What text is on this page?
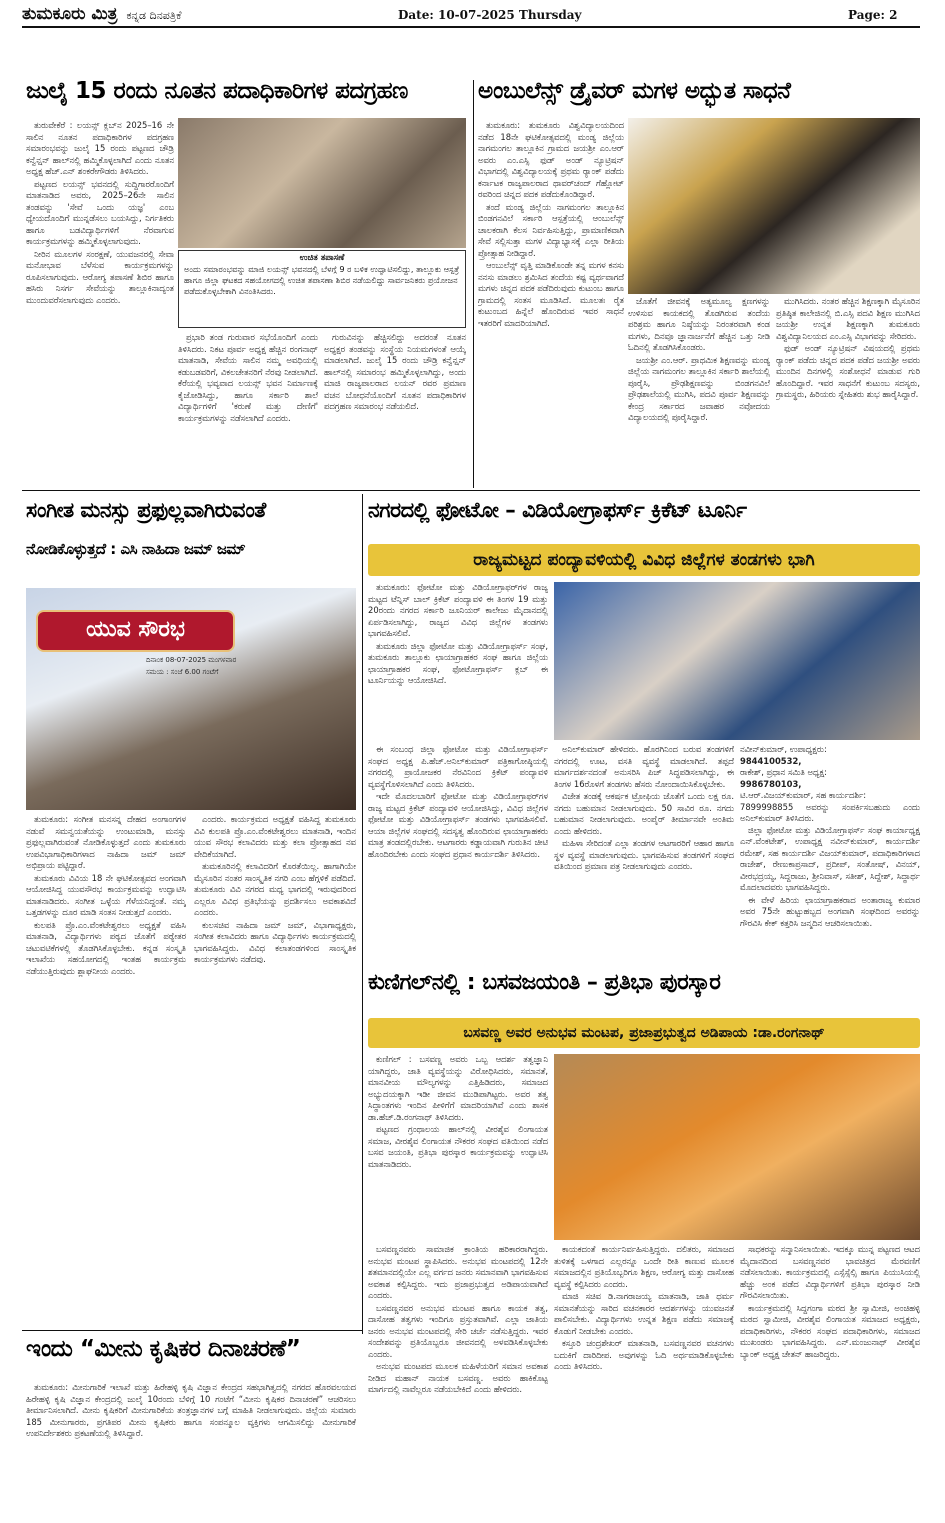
ತುಮಕೂರು ಮಿತ್ರ ಕನ್ನಡ ದಿನಪತ್ರಿಕೆ	Date: 10-07-2025 Thursday	Page: 2
ಜುಲೈ 15 ರಂದು ನೂತನ ಪದಾಧಿಕಾರಿಗಳ ಪದಗ್ರಹಣ

ತುರುವೇಕೆರೆ : ಲಯನ್ಸ್ ಕ್ಲಬ್‌ನ 2025–16 ನೇ ಸಾಲಿನ ನೂತನ ಪದಾಧಿಕಾರಿಗಳ ಪದಗ್ರಹಣ ಸಮಾರಂಭವನ್ನು ಜುಲೈ 15 ರಂದು ಪಟ್ಟಣದ ಚೌಡ್ರಿ ಕನ್ವೆನ್ಷನ್ ಹಾಲ್‌ನಲ್ಲಿ ಹಮ್ಮಿಕೊಳ್ಳಲಾಗಿದೆ ಎಂದು ನೂತನ ಅಧ್ಯಕ್ಷ ಹೆಚ್.ಎನ್ ಶಂಕರೇಗೌಡರು ತಿಳಿಸಿದರು.

ಪಟ್ಟಣದ ಲಯನ್ಸ್ ಭವನದಲ್ಲಿ ಸುದ್ದಿಗಾರರೊಂದಿಗೆ ಮಾತನಾಡಿದ ಅವರು, 2025–26ನೇ ಸಾಲಿನ ತಂಡವನ್ನು 'ಸೇವೆ ಒಂದು ಯಜ್ಞ' ಎಂಬ ಧ್ಯೇಯದೊಂದಿಗೆ ಮುನ್ನಡೆಸಲು ಬಯಸಿದ್ದು, ನಿರ್ಗತಿಕರು ಹಾಗೂ ಬಡವಿದ್ಯಾರ್ಥಿಗಳಿಗೆ ನೆರವಾಗುವ ಕಾರ್ಯಕ್ರಮಗಳನ್ನು ಹಮ್ಮಿಕೊಳ್ಳಲಾಗುವುದು.

ನೀರಿನ ಮೂಲಗಳ ಸಂರಕ್ಷಣೆ, ಯುವಜನರಲ್ಲಿ ಸೇವಾ ಮನೋಭಾವ ಬೆಳೆಸುವ ಕಾರ್ಯಕ್ರಮಗಳನ್ನು ರೂಪಿಸಲಾಗುವುದು. ಆರೋಗ್ಯ ತಪಾಸಣೆ ಶಿಬಿರ ಹಾಗೂ ಹಸಿರು ನಿಸರ್ಗ ಸೇವೆಯನ್ನು ತಾಲ್ಲೂಕಿನಾದ್ಯಂತ ಮುಂದುವರೆಸಲಾಗುವುದು ಎಂದರು.

ಉಚಿತ ತಪಾಸಣೆ
ಅಂದು ಸಮಾರಂಭವನ್ನು ಮಾಜಿ ಲಯನ್ಸ್ ಭವನದಲ್ಲಿ ಬೆಳಗ್ಗೆ 9 ರ ಬಳಿಕ ಉದ್ಘಾಟಿಸಲಿದ್ದು, ತಾಲ್ಲೂಕು ಆಸ್ಪತ್ರೆ ಹಾಗೂ ಜಿಲ್ಲಾ ಘಟಕದ ಸಹಯೋಗದಲ್ಲಿ ಉಚಿತ ತಪಾಸಣಾ ಶಿಬಿರ ನಡೆಯಲಿದ್ದು ಸಾರ್ವಜನಿಕರು ಪ್ರಯೋಜನ ಪಡೆದುಕೊಳ್ಳಬೇಕಾಗಿ ವಿನಂತಿಸಿದರು.

ಪ್ರಭಾರಿ ತಂಡ ಗುರುವಾರ ಸಭೆಯೊಂದಿಗೆ ಎಂದು ತಿಳಿಸಿದರು. ನಿಕಟ ಪೂರ್ವ ಅಧ್ಯಕ್ಷ ಹೆಚ್ಚಿನ ರಂಗನಾಥ್ ಮಾತನಾಡಿ, ಸೇವೆಯ ಸಾಲಿನ ನಮ್ಮ ಅವಧಿಯಲ್ಲಿ ಕಡುಬಡವರಿಗೆ, ವಿಕಲಚೇತನರಿಗೆ ನೆರವು ನೀಡಲಾಗಿದೆ. ಕೆರೆಯಲ್ಲಿ ಭವ್ಯವಾದ ಲಯನ್ಸ್ ಭವನ ನಿರ್ಮಾಣಕ್ಕೆ ಕೈಜೋಡಿಸಿದ್ದು, ಹಾಗೂ ಸರ್ಕಾರಿ ಶಾಲೆ ವಿದ್ಯಾರ್ಥಿಗಳಿಗೆ 'ಕರುಣೆ ಮತ್ತು ದೇಣಿಗೆ' ಕಾರ್ಯಕ್ರಮಗಳನ್ನು ನಡೆಸಲಾಗಿದೆ ಎಂದರು.

ಗುರುವಿನನ್ನು ಹೆಚ್ಚಿಸಲಿದ್ದು ಅದರಂತೆ ನೂತನ ಅಧ್ಯಕ್ಷರ ತಂಡವನ್ನು ಸಂಸ್ಥೆಯ ನಿಯಮಗಳಂತೆ ಆಯ್ಕೆ ಮಾಡಲಾಗಿದೆ. ಜುಲೈ 15 ರಂದು ಚೌಡ್ರಿ ಕನ್ವೆನ್ಷನ್ ಹಾಲ್‌ನಲ್ಲಿ ಸಮಾರಂಭ ಹಮ್ಮಿಕೊಳ್ಳಲಾಗಿದ್ದು, ಅಂದು ಮಾಜಿ ರಾಜ್ಯಪಾಲರಾದ ಲಯನ್ ರವರ ಪ್ರಮಾಣ ವಚನ ಬೋಧನೆಯೊಂದಿಗೆ ನೂತನ ಪದಾಧಿಕಾರಿಗಳ ಪದಗ್ರಹಣ ಸಮಾರಂಭ ನಡೆಯಲಿದೆ.

ಅಂಬುಲೆನ್ಸ್ ಡ್ರೈವರ್ ಮಗಳ ಅದ್ಭುತ ಸಾಧನೆ

ತುಮಕೂರು: ತುಮಕೂರು ವಿಶ್ವವಿದ್ಯಾಲಯದಿಂದ ನಡೆದ 18ನೇ ಘಟಿಕೋತ್ಸವದಲ್ಲಿ ಮಂಡ್ಯ ಜಿಲ್ಲೆಯ ನಾಗಮಂಗಲ ತಾಲ್ಲೂಕಿನ ಗ್ರಾಮದ ಜಯಶ್ರೀ ಎಂ.ಆರ್ ಅವರು ಎಂ.ಎಸ್ಸಿ ಫುಡ್ ಅಂಡ್ ನ್ಯೂಟ್ರಿಷನ್ ವಿಭಾಗದಲ್ಲಿ ವಿಶ್ವವಿದ್ಯಾಲಯಕ್ಕೆ ಪ್ರಥಮ ರ್‍ಯಾಂಕ್ ಪಡೆದು ಕರ್ನಾಟಕ ರಾಜ್ಯಪಾಲರಾದ ಥಾವರ್‌ಚಂದ್ ಗೆಹ್ಲೋಟ್ ರವರಿಂದ ಚಿನ್ನದ ಪದಕ ಪಡೆದುಕೊಂಡಿದ್ದಾರೆ.

ತಂದೆ ಮಂಡ್ಯ ಜಿಲ್ಲೆಯ ನಾಗಮಂಗಲ ತಾಲ್ಲೂಕಿನ ಬಿಂಡಗನವಿಲೆ ಸರ್ಕಾರಿ ಆಸ್ಪತ್ರೆಯಲ್ಲಿ ಆಂಬುಲೆನ್ಸ್ ಚಾಲಕರಾಗಿ ಕೆಲಸ ನಿರ್ವಹಿಸುತ್ತಿದ್ದು, ಪ್ರಾಮಾಣಿಕವಾಗಿ ಸೇವೆ ಸಲ್ಲಿಸುತ್ತಾ ಮಗಳ ವಿದ್ಯಾಭ್ಯಾಸಕ್ಕೆ ಎಲ್ಲಾ ರೀತಿಯ ಪ್ರೋತ್ಸಾಹ ನೀಡಿದ್ದಾರೆ.

ಆಂಬುಲೆನ್ಸ್ ವೃತ್ತಿ ಮಾಡಿಕೊಂಡೇ ತನ್ನ ಮಗಳ ಕನಸು ನನಸು ಮಾಡಲು ಶ್ರಮಿಸಿದ ತಂದೆಯ ಕಷ್ಟ ವ್ಯರ್ಥವಾಗದೆ ಮಗಳು ಚಿನ್ನದ ಪದಕ ಪಡೆದಿರುವುದು ಕುಟುಂಬ ಹಾಗೂ ಗ್ರಾಮದಲ್ಲಿ ಸಂತಸ ಮೂಡಿಸಿದೆ. ಮೂಲತಃ ರೈತ ಕುಟುಂಬದ ಹಿನ್ನೆಲೆ ಹೊಂದಿರುವ ಇವರ ಸಾಧನೆ ಇತರರಿಗೆ ಮಾದರಿಯಾಗಿದೆ.

ಜೊತೆಗೆ ಜೀವನಕ್ಕೆ ಅತ್ಯಮೂಲ್ಯ ಕ್ಷಣಗಳನ್ನು ಉಳಿಸುವ ಕಾಯಕದಲ್ಲಿ ತೊಡಗಿರುವ ತಂದೆಯ ಪರಿಶ್ರಮ ಹಾಗೂ ನಿಷ್ಠೆಯನ್ನು ನಿರಂತರವಾಗಿ ಕಂಡ ಮಗಳು, ದಿನವೂ ಜ್ಞಾನಾರ್ಜನೆಗೆ ಹೆಚ್ಚಿನ ಒತ್ತು ನೀಡಿ ಓದಿನಲ್ಲಿ ತೊಡಗಿಸಿಕೊಂಡರು.

ಜಯಶ್ರೀ ಎಂ.ಆರ್. ಪ್ರಾಥಮಿಕ ಶಿಕ್ಷಣವನ್ನು ಮಂಡ್ಯ ಜಿಲ್ಲೆಯ ನಾಗಮಂಗಲ ತಾಲ್ಲೂಕಿನ ಸರ್ಕಾರಿ ಶಾಲೆಯಲ್ಲಿ ಪೂರೈಸಿ, ಪ್ರೌಢಶಿಕ್ಷಣವನ್ನು ಬಿಂಡಗನವಿಲೆ ಪ್ರೌಢಶಾಲೆಯಲ್ಲಿ ಮುಗಿಸಿ, ಪದವಿ ಪೂರ್ವ ಶಿಕ್ಷಣವನ್ನು ಕೇಂದ್ರ ಸರ್ಕಾರದ ಜವಾಹರ ನವೋದಯ ವಿದ್ಯಾಲಯದಲ್ಲಿ ಪೂರೈಸಿದ್ದಾರೆ.

ಮುಗಿಸಿದರು. ನಂತರ ಹೆಚ್ಚಿನ ಶಿಕ್ಷಣಕ್ಕಾಗಿ ಮೈಸೂರಿನ ಪ್ರತಿಷ್ಠಿತ ಕಾಲೇಜಿನಲ್ಲಿ ಬಿ.ಎಸ್ಸಿ ಪದವಿ ಶಿಕ್ಷಣ ಮುಗಿಸಿದ ಜಯಶ್ರೀ ಉನ್ನತ ಶಿಕ್ಷಣಕ್ಕಾಗಿ ತುಮಕೂರು ವಿಶ್ವವಿದ್ಯಾನಿಲಯದ ಎಂ.ಎಸ್ಸಿ ವಿಭಾಗವನ್ನು ಸೇರಿದರು.

ಫುಡ್ ಅಂಡ್ ನ್ಯೂಟ್ರಿಷನ್ ವಿಷಯದಲ್ಲಿ ಪ್ರಥಮ ರ್‍ಯಾಂಕ್ ಪಡೆದು ಚಿನ್ನದ ಪದಕ ಪಡೆದ ಜಯಶ್ರೀ ಅವರು ಮುಂದಿನ ದಿನಗಳಲ್ಲಿ ಸಂಶೋಧನೆ ಮಾಡುವ ಗುರಿ ಹೊಂದಿದ್ದಾರೆ. ಇವರ ಸಾಧನೆಗೆ ಕುಟುಂಬ ಸದಸ್ಯರು, ಗ್ರಾಮಸ್ಥರು, ಹಿರಿಯರು ಸ್ನೇಹಿತರು ಶುಭ ಹಾರೈಸಿದ್ದಾರೆ.

ಸಂಗೀತ ಮನಸ್ಸು ಪ್ರಫುಲ್ಲವಾಗಿರುವಂತೆ
ನೋಡಿಕೊಳ್ಳುತ್ತದೆ : ಎಸಿ ನಾಹಿದಾ ಜಮ್ ಜಮ್
ಯುವ ಸೌರಭ
ದಿನಾಂಕ 08-07-2025 ಮಂಗಳವಾರ
ಸಮಯ : ಸಂಜೆ 6.00 ಗಂಟೆಗೆ

ತುಮಕೂರು: ಸಂಗೀತ ಮನಸನ್ನ ದೇಹದ ಅಂಗಾಂಗಗಳ ನಡುವೆ ಸಮನ್ವಯತೆಯನ್ನು ಉಂಟುಮಾಡಿ, ಮನಸ್ಸು ಪ್ರಫುಲ್ಲವಾಗಿರುವಂತೆ ನೋಡಿಕೊಳ್ಳುತ್ತದೆ ಎಂದು ತುಮಕೂರು ಉಪವಿಭಾಗಾಧಿಕಾರಿಗಳಾದ ನಾಹಿದಾ ಜಮ್ ಜಮ್ ಅಭಿಪ್ರಾಯ ಪಟ್ಟಿದ್ದಾರೆ.

ತುಮಕೂರು ವಿವಿಯ 18 ನೇ ಘಟಿಕೋತ್ಸವದ ಅಂಗವಾಗಿ ಆಯೋಜಿಸಿದ್ದ ಯುವಸೌರಭ ಕಾರ್ಯಕ್ರಮವನ್ನು ಉದ್ಘಾಟಿಸಿ ಮಾತನಾಡಿದರು. ಸಂಗೀತ ಒಳ್ಳೆಯ ಗೆಳೆಯನಿದ್ದಂತೆ. ನಮ್ಮ ಒತ್ತಡಗಳನ್ನು ದೂರ ಮಾಡಿ ಸಂತಸ ನೀಡುತ್ತದೆ ಎಂದರು.

ಕುಲಪತಿ ಪ್ರೊ.ಎಂ.ವೆಂಕಟೇಶ್ವರಲು ಅಧ್ಯಕ್ಷತೆ ವಹಿಸಿ ಮಾತನಾಡಿ, ವಿದ್ಯಾರ್ಥಿಗಳು ಪಠ್ಯದ ಜೊತೆಗೆ ಪಠ್ಯೇತರ ಚಟುವಟಿಕೆಗಳಲ್ಲಿ ತೊಡಗಿಸಿಕೊಳ್ಳಬೇಕು. ಕನ್ನಡ ಸಂಸ್ಕೃತಿ ಇಲಾಖೆಯ ಸಹಯೋಗದಲ್ಲಿ ಇಂತಹ ಕಾರ್ಯಕ್ರಮ ನಡೆಯುತ್ತಿರುವುದು ಶ್ಲಾಘನೀಯ ಎಂದರು.

ಎಂದರು. ಕಾರ್ಯಕ್ರಮದ ಅಧ್ಯಕ್ಷತೆ ವಹಿಸಿದ್ದ ತುಮಕೂರು ವಿವಿ ಕುಲಪತಿ ಪ್ರೊ.ಎಂ.ವೆಂಕಟೇಶ್ವರಲು ಮಾತನಾಡಿ, ಇಂದಿನ ಯುವ ಸೌರಭ ಕಲಾವಿದರು ಮತ್ತು ಕಲಾ ಪ್ರೋತ್ಸಾಹದ ನವ ವೇದಿಕೆಯಾಗಿದೆ.

ತುಮಕೂರಿನಲ್ಲಿ ಕಲಾವಿದರಿಗೆ ಕೊರತೆಯಿಲ್ಲ. ಹಾಗಾಗಿಯೇ ಮೈಸೂರಿನ ನಂತರ ಸಾಂಸ್ಕೃತಿಕ ನಗರಿ ಎಂಬ ಹೆಗ್ಗಳಿಕೆ ಪಡೆದಿದೆ. ತುಮಕೂರು ವಿವಿ ನಗರದ ಮಧ್ಯ ಭಾಗದಲ್ಲಿ ಇರುವುದರಿಂದ ಎಲ್ಲರೂ ವಿವಿಧ ಪ್ರತಿಭೆಯನ್ನು ಪ್ರದರ್ಶಿಸಲು ಅವಕಾಶವಿದೆ ಎಂದರು.

ಕುಲಸಚಿವ ನಾಹಿದಾ ಜಮ್ ಜಮ್, ವಿಭಾಗಾಧ್ಯಕ್ಷರು, ಸಂಗೀತ ಕಲಾವಿದರು ಹಾಗೂ ವಿದ್ಯಾರ್ಥಿಗಳು ಕಾರ್ಯಕ್ರಮದಲ್ಲಿ ಭಾಗವಹಿಸಿದ್ದರು. ವಿವಿಧ ಕಲಾತಂಡಗಳಿಂದ ಸಾಂಸ್ಕೃತಿಕ ಕಾರ್ಯಕ್ರಮಗಳು ನಡೆದವು.

ನಗರದಲ್ಲಿ ಫೋಟೋ – ವಿಡಿಯೋಗ್ರಾಫರ್ಸ್ ಕ್ರಿಕೆಟ್ ಟೂರ್ನಿ
ರಾಜ್ಯಮಟ್ಟದ ಪಂದ್ಯಾವಳಿಯಲ್ಲಿ ವಿವಿಧ ಜಿಲ್ಲೆಗಳ ತಂಡಗಳು ಭಾಗಿ

ತುಮಕೂರು: ಫೋಟೋ ಮತ್ತು ವಿಡಿಯೋಗ್ರಾಫರ್‌ಗಳ ರಾಜ್ಯ ಮಟ್ಟದ ಟೆನ್ನಿಸ್ ಬಾಲ್ ಕ್ರಿಕೆಟ್ ಪಂದ್ಯಾವಳಿ ಈ ತಿಂಗಳ 19 ಮತ್ತು 20ರಂದು ನಗರದ ಸರ್ಕಾರಿ ಜೂನಿಯರ್ ಕಾಲೇಜು ಮೈದಾನದಲ್ಲಿ ಏರ್ಪಡಿಸಲಾಗಿದ್ದು, ರಾಜ್ಯದ ವಿವಿಧ ಜಿಲ್ಲೆಗಳ ತಂಡಗಳು ಭಾಗವಹಿಸಲಿವೆ.

ತುಮಕೂರು ಜಿಲ್ಲಾ ಫೋಟೋ ಮತ್ತು ವಿಡಿಯೋಗ್ರಾಫರ್ಸ್ ಸಂಘ, ತುಮಕೂರು ತಾಲ್ಲೂಕು ಛಾಯಾಗ್ರಾಹಕರ ಸಂಘ ಹಾಗೂ ಜಿಲ್ಲೆಯ ಛಾಯಾಗ್ರಾಹಕರ ಸಂಘ, ಫೋಟೋಗ್ರಾಫರ್ಸ್ ಕ್ಲಬ್ ಈ ಟೂರ್ನಿಯನ್ನು ಆಯೋಜಿಸಿದೆ.

ಈ ಸಂಬಂಧ ಜಿಲ್ಲಾ ಫೋಟೋ ಮತ್ತು ವಿಡಿಯೋಗ್ರಾಫರ್ಸ್ ಸಂಘದ ಅಧ್ಯಕ್ಷ ಪಿ.ಹೆಚ್.ಅನಿಲ್‌ಕುಮಾರ್ ಪತ್ರಿಕಾಗೋಷ್ಠಿಯಲ್ಲಿ ನಗರದಲ್ಲಿ ಪ್ರಾಯೋಜಕರ ನೆರವಿನಿಂದ ಕ್ರಿಕೆಟ್ ಪಂದ್ಯಾವಳಿ ವ್ಯವಸ್ಥೆಗೊಳಿಸಲಾಗಿದೆ ಎಂದು ತಿಳಿಸಿದರು.

ಇದೇ ಮೊದಲಬಾರಿಗೆ ಫೋಟೋ ಮತ್ತು ವಿಡಿಯೋಗ್ರಾಫರ್‌ಗಳ ರಾಜ್ಯ ಮಟ್ಟದ ಕ್ರಿಕೆಟ್ ಪಂದ್ಯಾವಳಿ ಆಯೋಜಿಸಿದ್ದು, ವಿವಿಧ ಜಿಲ್ಲೆಗಳ ಫೋಟೋ ಮತ್ತು ವಿಡಿಯೋಗ್ರಾಫರ್ಸ್ ತಂಡಗಳು ಭಾಗವಹಿಸಲಿವೆ. ಆಯಾ ಜಿಲ್ಲೆಗಳ ಸಂಘದಲ್ಲಿ ಸದಸ್ಯತ್ವ ಹೊಂದಿರುವ ಛಾಯಾಗ್ರಾಹಕರು ಮಾತ್ರ ತಂಡದಲ್ಲಿರಬೇಕು. ಆಟಗಾರರು ಕಡ್ಡಾಯವಾಗಿ ಗುರುತಿನ ಚೀಟಿ ಹೊಂದಿರಬೇಕು ಎಂದು ಸಂಘದ ಪ್ರಧಾನ ಕಾರ್ಯದರ್ಶಿ ತಿಳಿಸಿದರು.

ಅನಿಲ್‌ಕುಮಾರ್ ಹೇಳಿದರು. ಹೊರಗಿನಿಂದ ಬರುವ ತಂಡಗಳಿಗೆ ನಗರದಲ್ಲಿ ಊಟ, ವಸತಿ ವ್ಯವಸ್ಥೆ ಮಾಡಲಾಗಿದೆ. ತಪ್ಪದೆ ಮಾರ್ಗದರ್ಶನದಂತೆ ಅನುಸರಿಸಿ ಪಿಚ್ ಸಿದ್ಧಪಡಿಸಲಾಗಿದ್ದು, ಈ ತಿಂಗಳ 16ರೊಳಗೆ ತಂಡಗಳು ಹೆಸರು ನೋಂದಾಯಿಸಿಕೊಳ್ಳಬೇಕು.

ವಿಜೇತ ತಂಡಕ್ಕೆ ಆಕರ್ಷಕ ಟ್ರೋಫಿಯ ಜೊತೆಗೆ ಒಂದು ಲಕ್ಷ ರೂ. ನಗದು ಬಹುಮಾನ ನೀಡಲಾಗುವುದು. 50 ಸಾವಿರ ರೂ. ನಗದು ಬಹುಮಾನ ನೀಡಲಾಗುವುದು. ಅಂಪೈರ್ ತೀರ್ಮಾನವೇ ಅಂತಿಮ ಎಂದು ಹೇಳಿದರು.

ಮಹಿಳಾ ಸೇರಿದಂತೆ ಎಲ್ಲಾ ತಂಡಗಳ ಆಟಗಾರರಿಗೆ ಆಹಾರ ಹಾಗೂ ಸ್ಥಳ ವ್ಯವಸ್ಥೆ ಮಾಡಲಾಗುವುದು. ಭಾಗವಹಿಸುವ ತಂಡಗಳಿಗೆ ಸಂಘದ ವತಿಯಿಂದ ಪ್ರಮಾಣ ಪತ್ರ ನೀಡಲಾಗುವುದು ಎಂದರು.

ನವೀನ್‌ಕುಮಾರ್, ಉಪಾಧ್ಯಕ್ಷರು:
9844100532,
ರಾಕೇಶ್, ಪ್ರಧಾನ ಸಮಿತಿ ಅಧ್ಯಕ್ಷ:
9986780103,
ಟಿ.ಆರ್.ವಿಜಯ್‌ಕುಮಾರ್, ಸಹ ಕಾರ್ಯದರ್ಶಿ:
7899998855 ಅವರನ್ನು ಸಂಪರ್ಕಿಸಬಹುದು ಎಂದು ಅನಿಲ್‌ಕುಮಾರ್ ತಿಳಿಸಿದರು.

ಜಿಲ್ಲಾ ಫೋಟೋ ಮತ್ತು ವಿಡಿಯೋಗ್ರಾಫರ್ಸ್ ಸಂಘ ಕಾರ್ಯಾಧ್ಯಕ್ಷ ಎನ್.ವೆಂಕಟೇಶ್, ಉಪಾಧ್ಯಕ್ಷ ನವೀನ್‌ಕುಮಾರ್, ಕಾರ್ಯದರ್ಶಿ ರಮೇಶ್, ಸಹ ಕಾರ್ಯದರ್ಶಿ ವಿಜಯ್‌ಕುಮಾರ್, ಪದಾಧಿಕಾರಿಗಳಾದ ರಾಜೇಶ್, ರೇಣುಕಾಪ್ರಸಾದ್, ಪ್ರದೀಪ್, ಸಂತೋಷ್, ವಿನಯ್, ವೀರಭದ್ರಯ್ಯ, ಸಿದ್ದರಾಜು, ಶ್ರೀನಿವಾಸ್, ಸತೀಶ್, ಸಿದ್ದೇಶ್, ಸಿದ್ಧಾರ್ಥ ಮೊದಲಾದವರು ಭಾಗವಹಿಸಿದ್ದರು.

ಈ ವೇಳೆ ಹಿರಿಯ ಛಾಯಾಗ್ರಾಹಕರಾದ ಅಂತಾರಾಜ್ಯ ಕುಮಾರ ಅವರ 75ನೇ ಹುಟ್ಟುಹಬ್ಬದ ಅಂಗವಾಗಿ ಸಂಘದಿಂದ ಅವರನ್ನು ಗೌರವಿಸಿ ಕೇಕ್ ಕತ್ತರಿಸಿ ಜನ್ಮದಿನ ಆಚರಿಸಲಾಯಿತು.

ಕುಣಿಗಲ್‌ನಲ್ಲಿ : ಬಸವಜಯಂತಿ – ಪ್ರತಿಭಾ ಪುರಸ್ಕಾರ
ಬಸವಣ್ಣ ಅವರ ಅನುಭವ ಮಂಟಪ, ಪ್ರಜಾಪ್ರಭುತ್ವದ ಅಡಿಪಾಯ :ಡಾ.ರಂಗನಾಥ್

ಕುಣಿಗಲ್ : ಬಸವಣ್ಣ ಅವರು ಒಬ್ಬ ಆದರ್ಶ ತತ್ವಜ್ಞಾನಿ ಯಾಗಿದ್ದರು, ಜಾತಿ ವ್ಯವಸ್ಥೆಯನ್ನು ವಿರೋಧಿಸಿದರು, ಸಮಾನತೆ, ಮಾನವೀಯ ಮೌಲ್ಯಗಳನ್ನು ಎತ್ತಿಹಿಡಿದರು, ಸಮಾಜದ ಅಭ್ಯುದಯಕ್ಕಾಗಿ ಇಡೀ ಜೀವನ ಮುಡಿಪಾಗಿಟ್ಟರು. ಅವರ ತತ್ವ ಸಿದ್ಧಾಂತಗಳು ಇಂದಿನ ಪೀಳಿಗೆಗೆ ಮಾದರಿಯಾಗಿವೆ ಎಂದು ಶಾಸಕ ಡಾ.ಹೆಚ್.ಡಿ.ರಂಗನಾಥ್ ತಿಳಿಸಿದರು.

ಪಟ್ಟಣದ ಗ್ರಂಥಾಲಯ ಹಾಲ್‌ನಲ್ಲಿ ವೀರಶೈವ ಲಿಂಗಾಯತ ಸಮಾಜ, ವೀರಶೈವ ಲಿಂಗಾಯತ ನೌಕರರ ಸಂಘದ ವತಿಯಿಂದ ನಡೆದ ಬಸವ ಜಯಂತಿ, ಪ್ರತಿಭಾ ಪುರಸ್ಕಾರ ಕಾರ್ಯಕ್ರಮವನ್ನು ಉದ್ಘಾಟಿಸಿ ಮಾತನಾಡಿದರು.

ಬಸವಣ್ಣನವರು ಸಾಮಾಜಿಕ ಕ್ರಾಂತಿಯ ಹರಿಕಾರರಾಗಿದ್ದರು. ಅನುಭವ ಮಂಟಪ ಸ್ಥಾಪಿಸಿದರು. ಅನುಭವ ಮಂಟಪದಲ್ಲಿ 12ನೇ ಶತಮಾನದಲ್ಲಿಯೇ ಎಲ್ಲ ವರ್ಗದ ಜನರು ಸಮಾನವಾಗಿ ಭಾಗವಹಿಸುವ ಅವಕಾಶ ಕಲ್ಪಿಸಿದ್ದರು. ಇದು ಪ್ರಜಾಪ್ರಭುತ್ವದ ಅಡಿಪಾಯವಾಗಿದೆ ಎಂದರು.

ಬಸವಣ್ಣನವರ ಅನುಭವ ಮಂಟಪ ಹಾಗೂ ಕಾಯಕ ತತ್ವ, ದಾಸೋಹ ತತ್ವಗಳು ಇಂದಿಗೂ ಪ್ರಸ್ತುತವಾಗಿವೆ. ಎಲ್ಲಾ ಜಾತಿಯ ಜನರು ಅನುಭವ ಮಂಟಪದಲ್ಲಿ ಸೇರಿ ಚರ್ಚೆ ನಡೆಸುತ್ತಿದ್ದರು. ಇವರ ಸಂದೇಶವನ್ನು ಪ್ರತಿಯೊಬ್ಬರೂ ಜೀವನದಲ್ಲಿ ಅಳವಡಿಸಿಕೊಳ್ಳಬೇಕು ಎಂದರು.

ಅನುಭವ ಮಂಟಪದ ಮೂಲಕ ಮಹಿಳೆಯರಿಗೆ ಸಮಾನ ಅವಕಾಶ ನೀಡಿದ ಮಹಾನ್ ನಾಯಕ ಬಸವಣ್ಣ. ಅವರು ಹಾಕಿಕೊಟ್ಟ ಮಾರ್ಗದಲ್ಲಿ ನಾವೆಲ್ಲರೂ ನಡೆಯಬೇಕಿದೆ ಎಂದು ಹೇಳಿದರು.

ಕಾಯಕದಂತೆ ಕಾರ್ಯನಿರ್ವಹಿಸುತ್ತಿದ್ದರು. ದಲಿತರು, ಸಮಾಜದ ತುಳಿತಕ್ಕೆ ಒಳಗಾದ ಎಲ್ಲರನ್ನೂ ಒಂದೇ ರೀತಿ ಕಾಣುವ ಮೂಲಕ ಸಮಾಜದಲ್ಲಿನ ಪ್ರತಿಯೊಬ್ಬರಿಗೂ ಶಿಕ್ಷಣ, ಆರೋಗ್ಯ ಮತ್ತು ದಾಸೋಹ ವ್ಯವಸ್ಥೆ ಕಲ್ಪಿಸಿದರು ಎಂದರು.

ಮಾಜಿ ಸಚಿವ ಡಿ.ನಾಗರಾಜಯ್ಯ ಮಾತನಾಡಿ, ಜಾತಿ ಧರ್ಮ ಸಮಾನತೆಯನ್ನು ಸಾರಿದ ವಚನಕಾರರ ಆದರ್ಶಗಳನ್ನು ಯುವಜನತೆ ಪಾಲಿಸಬೇಕು. ವಿದ್ಯಾರ್ಥಿಗಳು ಉನ್ನತ ಶಿಕ್ಷಣ ಪಡೆದು ಸಮಾಜಕ್ಕೆ ಕೊಡುಗೆ ನೀಡಬೇಕು ಎಂದರು.

ಕಸ್ತೂರಿ ಚಂದ್ರಶೇಖರ್ ಮಾತನಾಡಿ, ಬಸವಣ್ಣನವರ ವಚನಗಳು ಬದುಕಿಗೆ ದಾರಿದೀಪ. ಅವುಗಳನ್ನು ಓದಿ ಅರ್ಥಮಾಡಿಕೊಳ್ಳಬೇಕು ಎಂದು ತಿಳಿಸಿದರು.

ಸಾಧಕರನ್ನು ಸನ್ಮಾನಿಸಲಾಯಿತು. ಇದಕ್ಕೂ ಮುನ್ನ ಪಟ್ಟಣದ ಆಟದ ಮೈದಾನದಿಂದ ಬಸವಣ್ಣನವರ ಭಾವಚಿತ್ರದ ಮೆರವಣಿಗೆ ನಡೆಸಲಾಯಿತು. ಕಾರ್ಯಕ್ರಮದಲ್ಲಿ ಎಸ್ಸೆಸ್ಸೆಲ್ಸಿ ಹಾಗೂ ಪಿಯುಸಿಯಲ್ಲಿ ಹೆಚ್ಚು ಅಂಕ ಪಡೆದ ವಿದ್ಯಾರ್ಥಿಗಳಿಗೆ ಪ್ರತಿಭಾ ಪುರಸ್ಕಾರ ನೀಡಿ ಗೌರವಿಸಲಾಯಿತು.

ಕಾರ್ಯಕ್ರಮದಲ್ಲಿ ಸಿದ್ದಗಂಗಾ ಮಠದ ಶ್ರೀ ಸ್ವಾಮೀಜಿ, ಅಂಚಿಹಳ್ಳಿ ಮಠದ ಸ್ವಾಮೀಜಿ, ವೀರಶೈವ ಲಿಂಗಾಯತ ಸಮಾಜದ ಅಧ್ಯಕ್ಷರು, ಪದಾಧಿಕಾರಿಗಳು, ನೌಕರರ ಸಂಘದ ಪದಾಧಿಕಾರಿಗಳು, ಸಮಾಜದ ಮುಖಂಡರು ಭಾಗವಹಿಸಿದ್ದರು. ಎನ್.ಮಂಜುನಾಥ್ ವೀರಶೈವ ಬ್ಯಾಂಕ್ ಅಧ್ಯಕ್ಷ ಚೇತನ್ ಹಾಜರಿದ್ದರು.

ಇಂದು “ಮೀನು ಕೃಷಿಕರ ದಿನಾಚರಣೆ”

ತುಮಕೂರು: ಮೀನುಗಾರಿಕೆ ಇಲಾಖೆ ಮತ್ತು ಹಿರೇಹಳ್ಳಿ ಕೃಷಿ ವಿಜ್ಞಾನ ಕೇಂದ್ರದ ಸಹಭಾಗಿತ್ವದಲ್ಲಿ ನಗರದ ಹೊರವಲಯದ ಹಿರೇಹಳ್ಳಿ ಕೃಷಿ ವಿಜ್ಞಾನ ಕೇಂದ್ರದಲ್ಲಿ ಜುಲೈ 10ರಂದು ಬೆಳಿಗ್ಗೆ 10 ಗಂಟೆಗೆ “ಮೀನು ಕೃಷಿಕರ ದಿನಾಚರಣೆ” ಆಚರಿಸಲು ತೀರ್ಮಾನಿಸಲಾಗಿದೆ. ಮೀನು ಕೃಷಿಕರಿಗೆ ಮೀನುಗಾರಿಕೆಯ ತಂತ್ರಜ್ಞಾನಗಳ ಬಗ್ಗೆ ಮಾಹಿತಿ ನೀಡಲಾಗುವುದು. ಜಿಲ್ಲೆಯ ಸುಮಾರು 185 ಮೀನುಗಾರರು, ಪ್ರಗತಿಪರ ಮೀನು ಕೃಷಿಕರು ಹಾಗೂ ಸಂಪನ್ಮೂಲ ವ್ಯಕ್ತಿಗಳು ಆಗಮಿಸಲಿದ್ದು ಮೀನುಗಾರಿಕೆ ಉಪನಿರ್ದೇಶಕರು ಪ್ರಕಟಣೆಯಲ್ಲಿ ತಿಳಿಸಿದ್ದಾರೆ.
